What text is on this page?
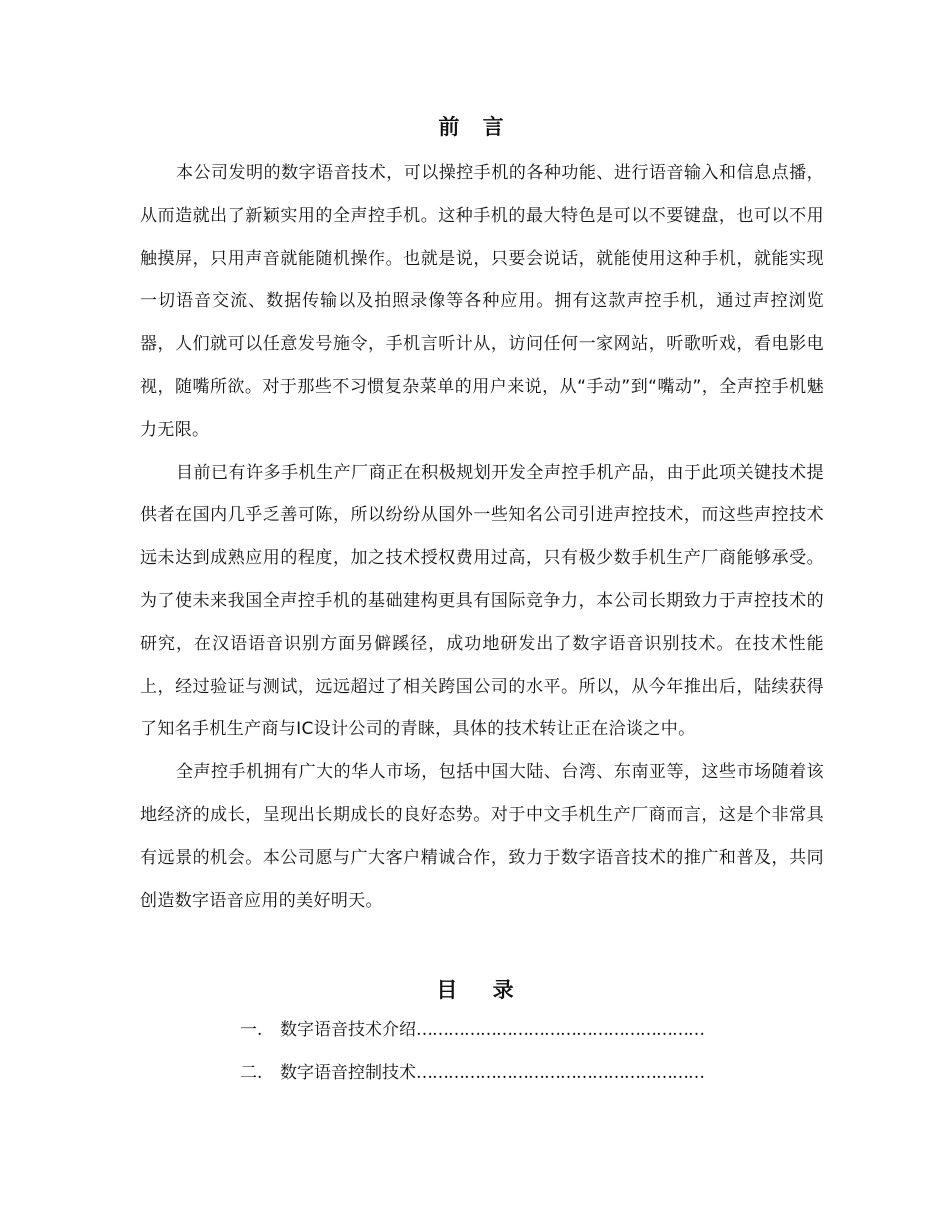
前 言

本公司发明的数字语音技术，可以操控手机的各种功能、进行语音输入和信息点播，从而造就出了新颖实用的全声控手机。这种手机的最大特色是可以不要键盘，也可以不用触摸屏，只用声音就能随机操作。也就是说，只要会说话，就能使用这种手机，就能实现一切语音交流、数据传输以及拍照录像等各种应用。拥有这款声控手机，通过声控浏览器，人们就可以任意发号施令，手机言听计从，访问任何一家网站，听歌听戏，看电影电视，随嘴所欲。对于那些不习惯复杂菜单的用户来说，从“手动”到“嘴动”，全声控手机魅力无限。

目前已有许多手机生产厂商正在积极规划开发全声控手机产品，由于此项关键技术提供者在国内几乎乏善可陈，所以纷纷从国外一些知名公司引进声控技术，而这些声控技术远未达到成熟应用的程度，加之技术授权费用过高，只有极少数手机生产厂商能够承受。为了使未来我国全声控手机的基础建构更具有国际竞争力，本公司长期致力于声控技术的研究，在汉语语音识别方面另僻蹊径，成功地研发出了数字语音识别技术。在技术性能上，经过验证与测试，远远超过了相关跨国公司的水平。所以，从今年推出后，陆续获得了知名手机生产商与IC设计公司的青睐，具体的技术转让正在洽谈之中。

全声控手机拥有广大的华人市场，包括中国大陆、台湾、东南亚等，这些市场随着该地经济的成长，呈现出长期成长的良好态势。对于中文手机生产厂商而言，这是个非常具有远景的机会。本公司愿与广大客户精诚合作，致力于数字语音技术的推广和普及，共同创造数字语音应用的美好明天。

目 录
一.	数字语音技术介绍 ………………………………………………
二.	数字语音控制技术 ………………………………………………
